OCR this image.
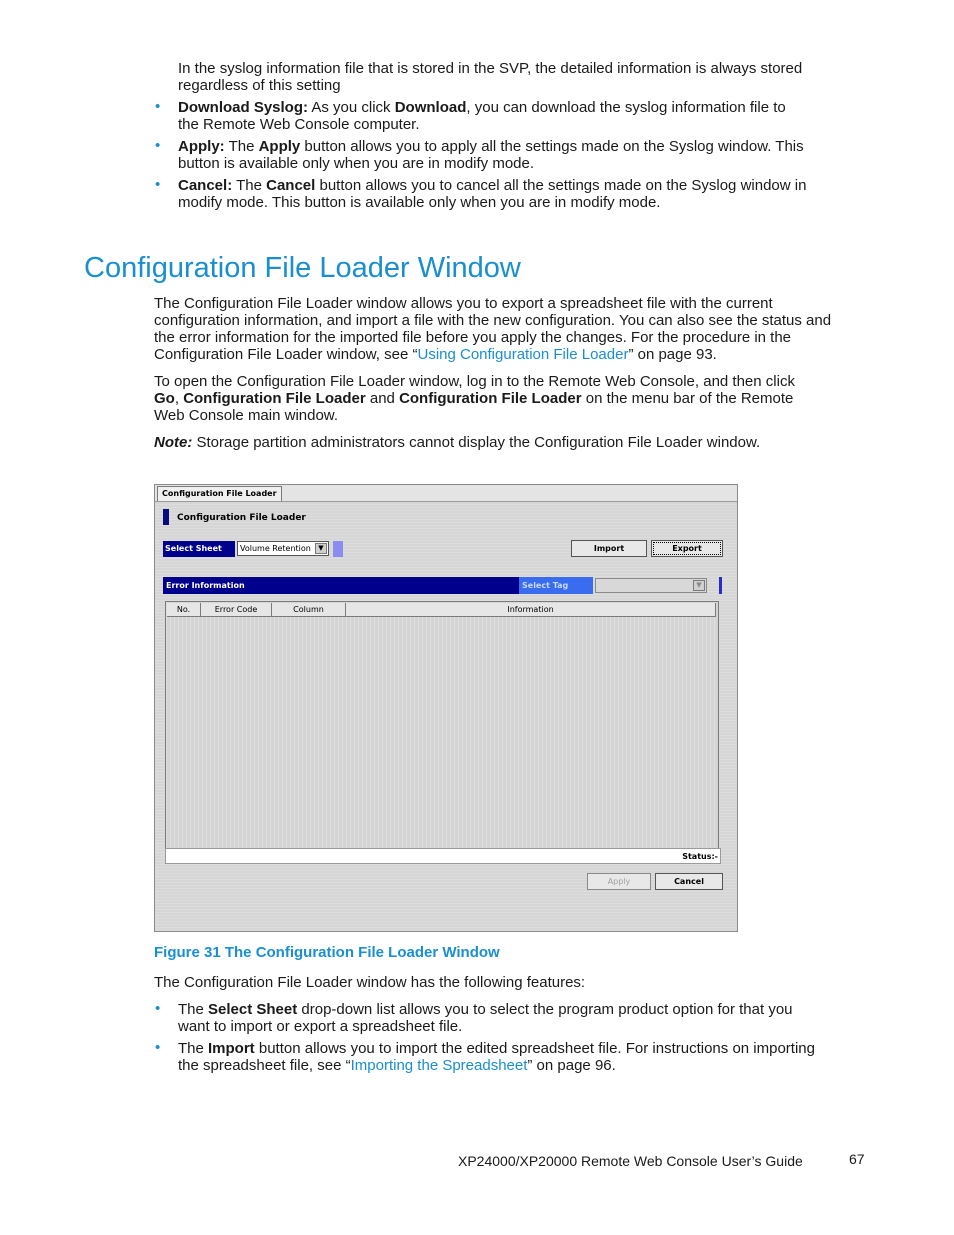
In the syslog information file that is stored in the SVP, the detailed information is always stored regardless of this setting

• Download Syslog: As you click Download, you can download the syslog information file to the Remote Web Console computer.

• Apply: The Apply button allows you to apply all the settings made on the Syslog window. This button is available only when you are in modify mode.

• Cancel: The Cancel button allows you to cancel all the settings made on the Syslog window in modify mode. This button is available only when you are in modify mode.

Configuration File Loader Window

The Configuration File Loader window allows you to export a spreadsheet file with the current configuration information, and import a file with the new configuration. You can also see the status and the error information for the imported file before you apply the changes. For the procedure in the Configuration File Loader window, see “Using Configuration File Loader” on page 93.

To open the Configuration File Loader window, log in to the Remote Web Console, and then click Go, Configuration File Loader and Configuration File Loader on the menu bar of the Remote Web Console main window.

Note: Storage partition administrators cannot display the Configuration File Loader window.

Configuration File Loader
Configuration File Loader
Select Sheet	Volume Retention	▼	Import	Export
Error Information	Select Tag	▼
No.	Error Code	Column	Information
Status:-
Apply	Cancel

Figure 31 The Configuration File Loader Window

The Configuration File Loader window has the following features:

• The Select Sheet drop-down list allows you to select the program product option for that you want to import or export a spreadsheet file.

• The Import button allows you to import the edited spreadsheet file. For instructions on importing the spreadsheet file, see “Importing the Spreadsheet” on page 96.

XP24000/XP20000 Remote Web Console User’s Guide	67
